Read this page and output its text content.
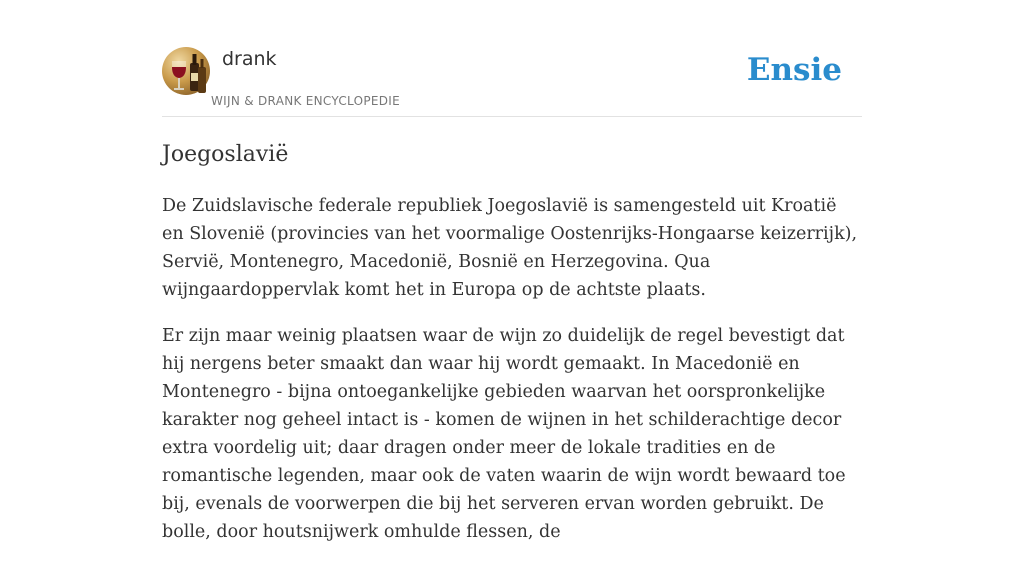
drank
WIJN & DRANK ENCYCLOPEDIE
Ensie
Joegoslavië

De Zuidslavische federale republiek Joegoslavië is samengesteld uit Kroatië en Slovenië (provincies van het voormalige Oostenrijks-Hongaarse keizerrijk), Servië, Montenegro, Macedonië, Bosnië en Herzegovina. Qua wijngaardoppervlak komt het in Europa op de achtste plaats.

Er zijn maar weinig plaatsen waar de wijn zo duidelijk de regel bevestigt dat hij nergens beter smaakt dan waar hij wordt gemaakt. In Macedonië en Montenegro - bijna ontoegankelijke gebieden waarvan het oorspronkelijke karakter nog geheel intact is - komen de wijnen in het schilderachtige decor extra voordelig uit; daar dragen onder meer de lokale tradities en de romantische legenden, maar ook de vaten waarin de wijn wordt bewaard toe bij, evenals de voorwerpen die bij het serveren ervan worden gebruikt. De bolle, door houtsnijwerk omhulde flessen, de
